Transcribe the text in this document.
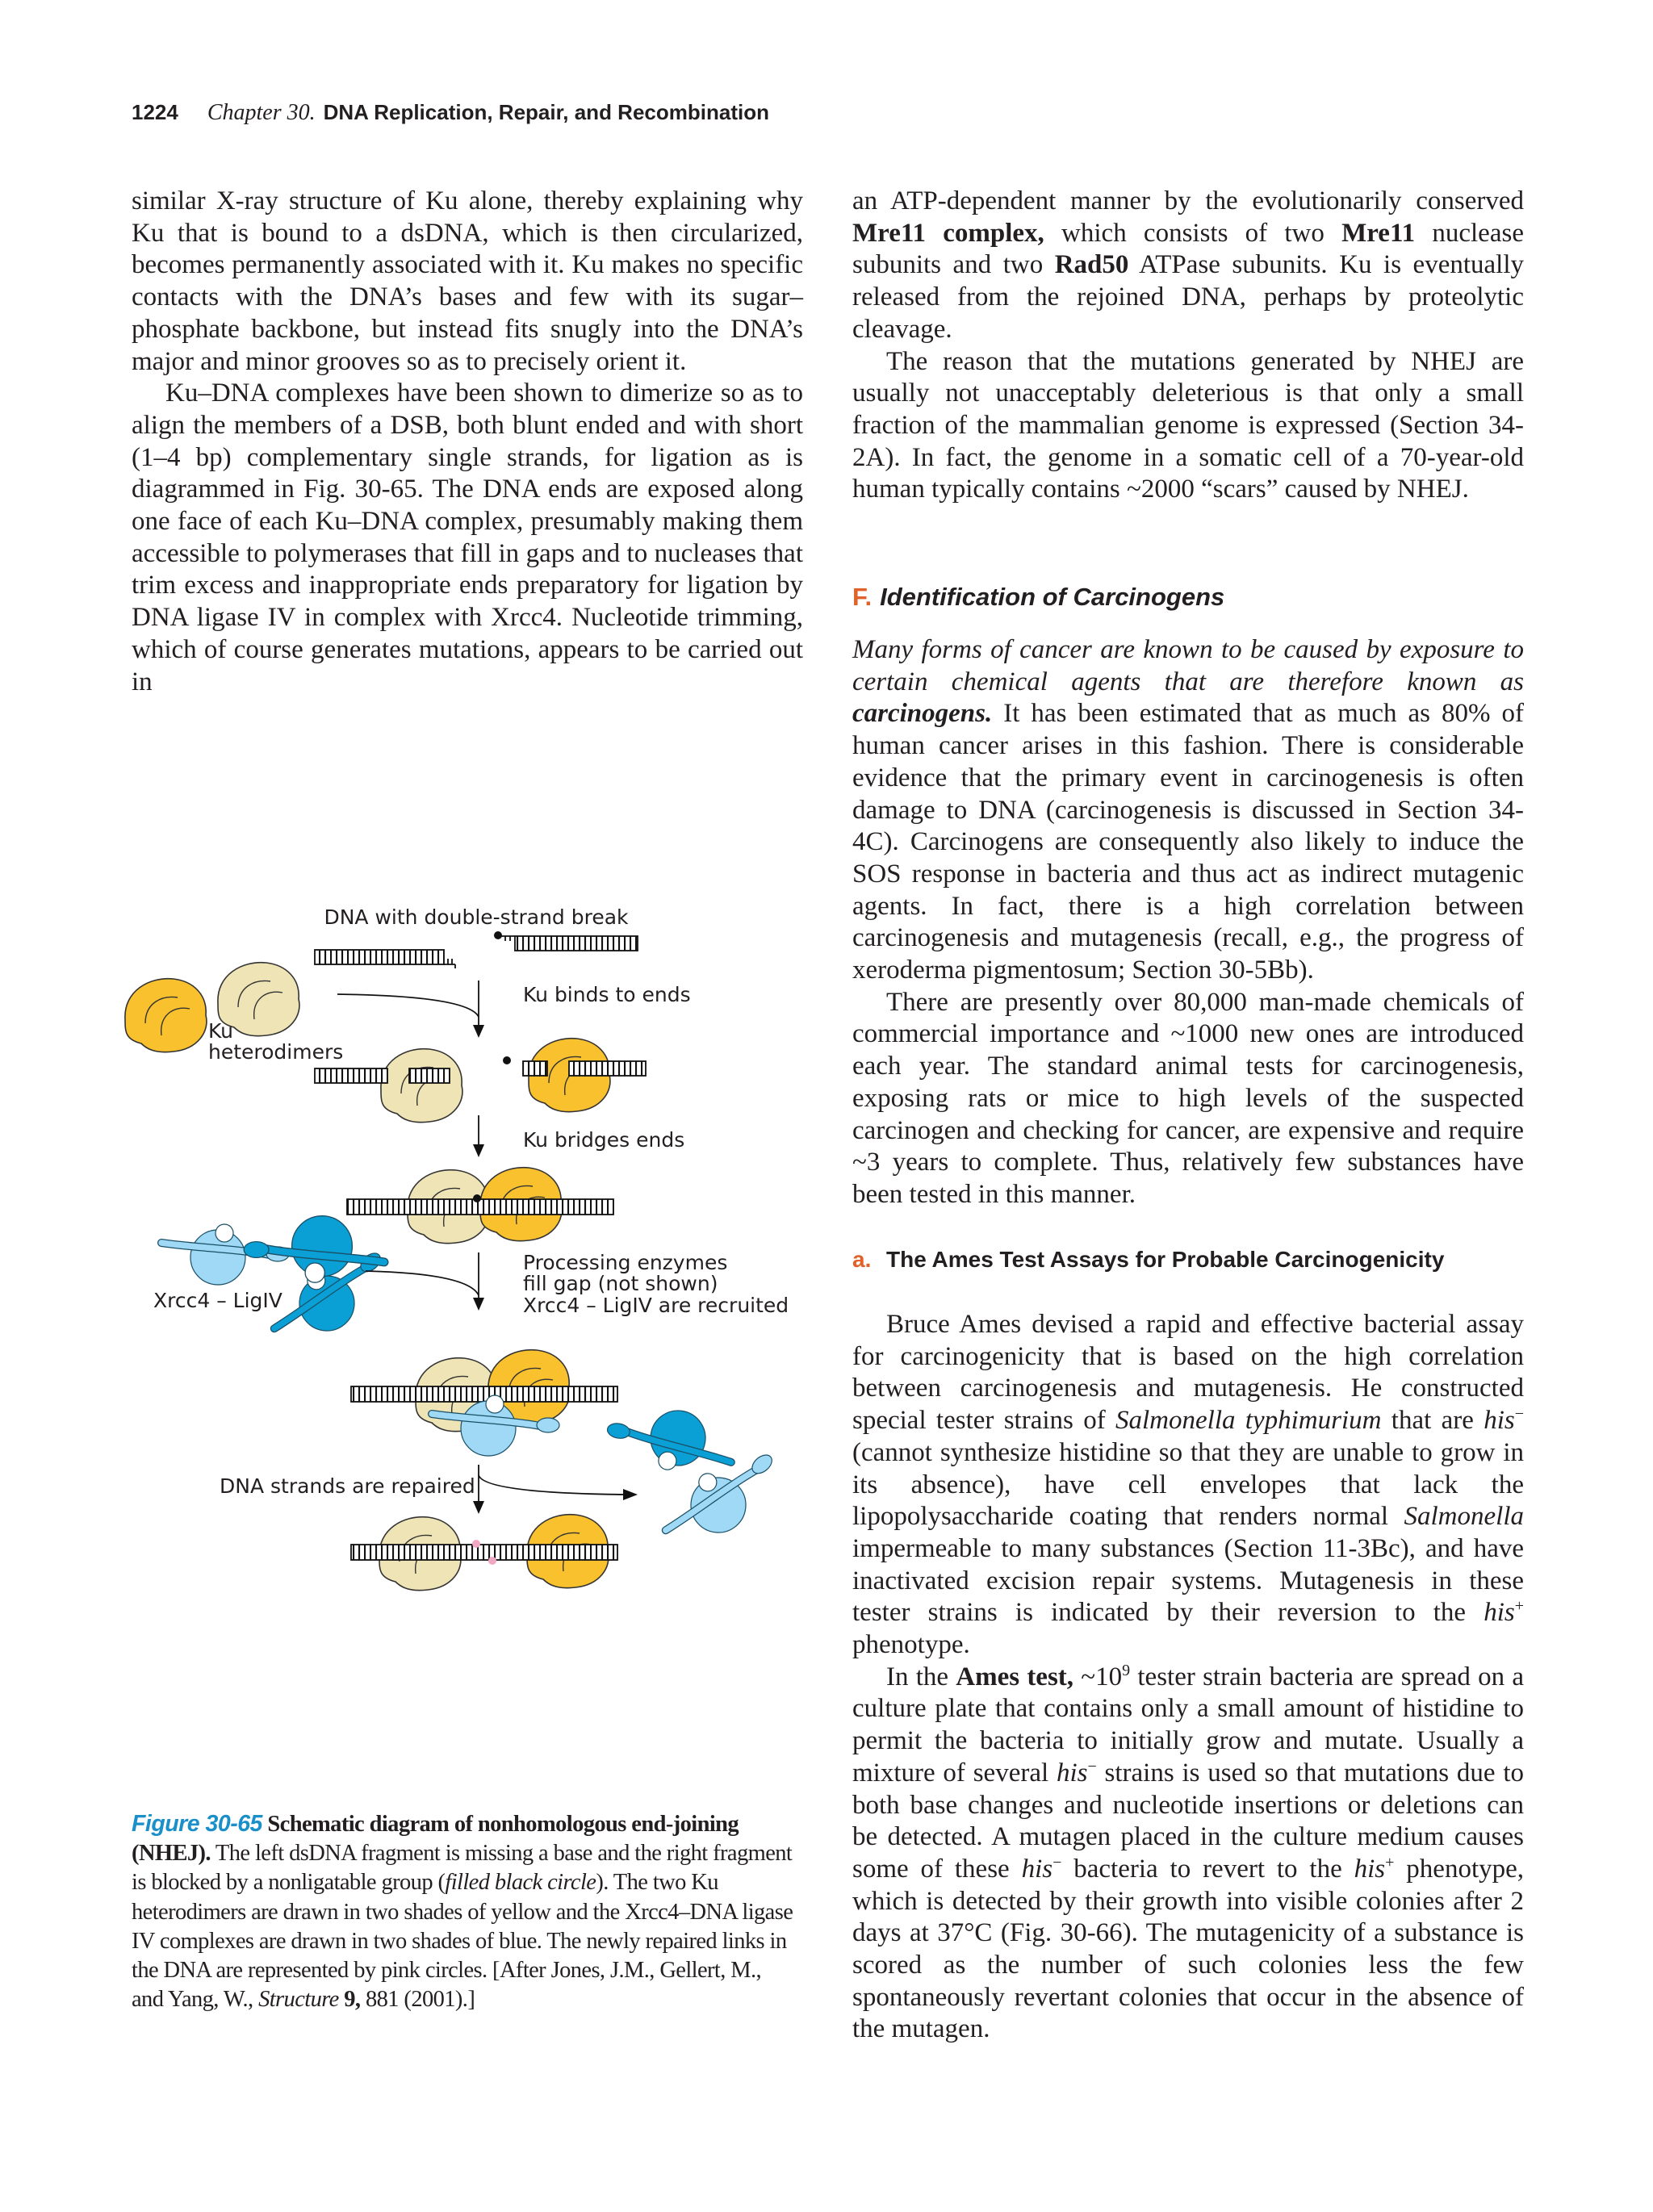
1224 Chapter 30. DNA Replication, Repair, and Recombination

similar X-ray structure of Ku alone, thereby explaining why Ku that is bound to a dsDNA, which is then circularized, becomes permanently associated with it. Ku makes no specific contacts with the DNA’s bases and few with its sugar–phosphate backbone, but instead fits snugly into the DNA’s major and minor grooves so as to precisely orient it.

Ku–DNA complexes have been shown to dimerize so as to align the members of a DSB, both blunt ended and with short (1–4 bp) complementary single strands, for ligation as is diagrammed in Fig. 30-65. The DNA ends are exposed along one face of each Ku–DNA complex, presumably making them accessible to polymerases that fill in gaps and to nucleases that trim excess and inappropriate ends preparatory for ligation by DNA ligase IV in complex with Xrcc4. Nucleotide trimming, which of course generates mutations, appears to be carried out in

an ATP-dependent manner by the evolutionarily conserved Mre11 complex, which consists of two Mre11 nuclease subunits and two Rad50 ATPase subunits. Ku is eventually released from the rejoined DNA, perhaps by proteolytic cleavage.

The reason that the mutations generated by NHEJ are usually not unacceptably deleterious is that only a small fraction of the mammalian genome is expressed (Section 34-2A). In fact, the genome in a somatic cell of a 70-year-old human typically contains ~2000 “scars” caused by NHEJ.

F. Identification of Carcinogens

Many forms of cancer are known to be caused by exposure to certain chemical agents that are therefore known as carcinogens. It has been estimated that as much as 80% of human cancer arises in this fashion. There is considerable evidence that the primary event in carcinogenesis is often damage to DNA (carcinogenesis is discussed in Section 34-4C). Carcinogens are consequently also likely to induce the SOS response in bacteria and thus act as indirect mutagenic agents. In fact, there is a high correlation between carcinogenesis and mutagenesis (recall, e.g., the progress of xeroderma pigmentosum; Section 30-5Bb).

There are presently over 80,000 man-made chemicals of commercial importance and ~1000 new ones are introduced each year. The standard animal tests for carcinogenesis, exposing rats or mice to high levels of the suspected carcinogen and checking for cancer, are expensive and require ~3 years to complete. Thus, relatively few substances have been tested in this manner.

a. The Ames Test Assays for Probable Carcinogenicity

Bruce Ames devised a rapid and effective bacterial assay for carcinogenicity that is based on the high correlation between carcinogenesis and mutagenesis. He constructed special tester strains of Salmonella typhimurium that are his− (cannot synthesize histidine so that they are unable to grow in its absence), have cell envelopes that lack the lipopolysaccharide coating that renders normal Salmonella impermeable to many substances (Section 11-3Bc), and have inactivated excision repair systems. Mutagenesis in these tester strains is indicated by their reversion to the his+ phenotype.

In the Ames test, $\sim 10^9$ tester strain bacteria are spread on a culture plate that contains only a small amount of histidine to permit the bacteria to initially grow and mutate. Usually a mixture of several his− strains is used so that mutations due to both base changes and nucleotide insertions or deletions can be detected. A mutagen placed in the culture medium causes some of these his− bacteria to revert to the his+ phenotype, which is detected by their growth into visible colonies after 2 days at 37°C (Fig. 30-66). The mutagenicity of a substance is scored as the number of such colonies less the few spontaneously revertant colonies that occur in the absence of the mutagen.

DNA with double-strand break
Ku
heterodimers
Ku binds to ends
Ku bridges ends
Xrcc4 – LigIV
Processing enzymes
fill gap (not shown)
Xrcc4 – LigIV are recruited
DNA strands are repaired
Figure 30-65 Schematic diagram of nonhomologous end-joining (NHEJ). The left dsDNA fragment is missing a base and the right fragment is blocked by a nonligatable group (filled black circle). The two Ku heterodimers are drawn in two shades of yellow and the Xrcc4–DNA ligase IV complexes are drawn in two shades of blue. The newly repaired links in the DNA are represented by pink circles. [After Jones, J.M., Gellert, M., and Yang, W., Structure 9, 881 (2001).]
